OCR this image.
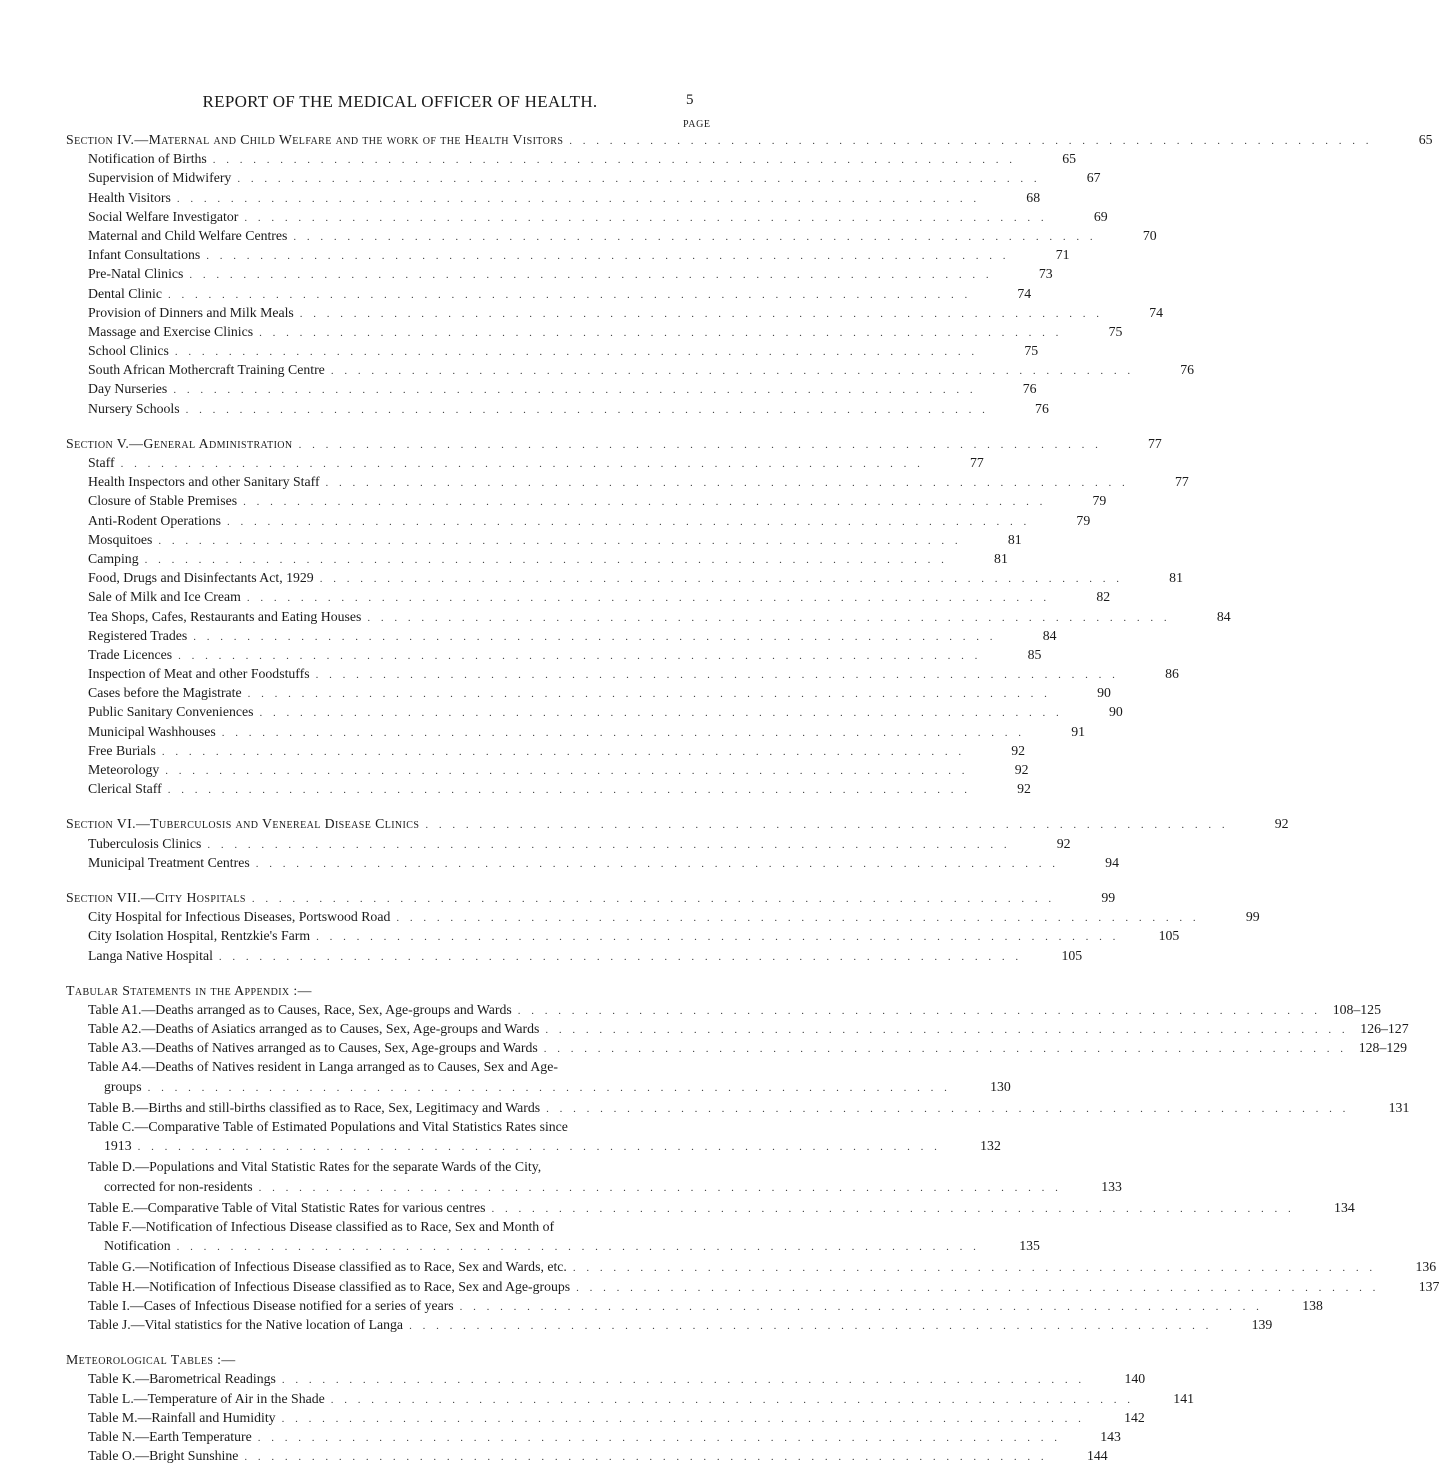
REPORT OF THE MEDICAL OFFICER OF HEALTH.	5
PAGE
Section IV.—Maternal and Child Welfare and the work of the Health Visitors . . . . . . . . . . . . . . . . . . . . . . . . . . . . . . . . . . . . . . . . . . . . . . . . . . . . . . . . . . . .	65
Notification of Births . . . . . . . . . . . . . . . . . . . . . . . . . . . . . . . . . . . . . . . . . . . . . . . . . . . . . . . . . . . .	65
Supervision of Midwifery . . . . . . . . . . . . . . . . . . . . . . . . . . . . . . . . . . . . . . . . . . . . . . . . . . . . . . . . . . . .	67
Health Visitors . . . . . . . . . . . . . . . . . . . . . . . . . . . . . . . . . . . . . . . . . . . . . . . . . . . . . . . . . . . .	68
Social Welfare Investigator . . . . . . . . . . . . . . . . . . . . . . . . . . . . . . . . . . . . . . . . . . . . . . . . . . . . . . . . . . . .	69
Maternal and Child Welfare Centres . . . . . . . . . . . . . . . . . . . . . . . . . . . . . . . . . . . . . . . . . . . . . . . . . . . . . . . . . . . .	70
Infant Consultations . . . . . . . . . . . . . . . . . . . . . . . . . . . . . . . . . . . . . . . . . . . . . . . . . . . . . . . . . . . .	71
Pre-Natal Clinics . . . . . . . . . . . . . . . . . . . . . . . . . . . . . . . . . . . . . . . . . . . . . . . . . . . . . . . . . . . .	73
Dental Clinic . . . . . . . . . . . . . . . . . . . . . . . . . . . . . . . . . . . . . . . . . . . . . . . . . . . . . . . . . . . .	74
Provision of Dinners and Milk Meals . . . . . . . . . . . . . . . . . . . . . . . . . . . . . . . . . . . . . . . . . . . . . . . . . . . . . . . . . . . .	74
Massage and Exercise Clinics . . . . . . . . . . . . . . . . . . . . . . . . . . . . . . . . . . . . . . . . . . . . . . . . . . . . . . . . . . . .	75
School Clinics . . . . . . . . . . . . . . . . . . . . . . . . . . . . . . . . . . . . . . . . . . . . . . . . . . . . . . . . . . . .	75
South African Mothercraft Training Centre . . . . . . . . . . . . . . . . . . . . . . . . . . . . . . . . . . . . . . . . . . . . . . . . . . . . . . . . . . . .	76
Day Nurseries . . . . . . . . . . . . . . . . . . . . . . . . . . . . . . . . . . . . . . . . . . . . . . . . . . . . . . . . . . . .	76
Nursery Schools . . . . . . . . . . . . . . . . . . . . . . . . . . . . . . . . . . . . . . . . . . . . . . . . . . . . . . . . . . . .	76
Section V.—General Administration . . . . . . . . . . . . . . . . . . . . . . . . . . . . . . . . . . . . . . . . . . . . . . . . . . . . . . . . . . . .	77
Staff . . . . . . . . . . . . . . . . . . . . . . . . . . . . . . . . . . . . . . . . . . . . . . . . . . . . . . . . . . . .	77
Health Inspectors and other Sanitary Staff . . . . . . . . . . . . . . . . . . . . . . . . . . . . . . . . . . . . . . . . . . . . . . . . . . . . . . . . . . . .	77
Closure of Stable Premises . . . . . . . . . . . . . . . . . . . . . . . . . . . . . . . . . . . . . . . . . . . . . . . . . . . . . . . . . . . .	79
Anti-Rodent Operations . . . . . . . . . . . . . . . . . . . . . . . . . . . . . . . . . . . . . . . . . . . . . . . . . . . . . . . . . . . .	79
Mosquitoes . . . . . . . . . . . . . . . . . . . . . . . . . . . . . . . . . . . . . . . . . . . . . . . . . . . . . . . . . . . .	81
Camping . . . . . . . . . . . . . . . . . . . . . . . . . . . . . . . . . . . . . . . . . . . . . . . . . . . . . . . . . . . .	81
Food, Drugs and Disinfectants Act, 1929 . . . . . . . . . . . . . . . . . . . . . . . . . . . . . . . . . . . . . . . . . . . . . . . . . . . . . . . . . . . .	81
Sale of Milk and Ice Cream . . . . . . . . . . . . . . . . . . . . . . . . . . . . . . . . . . . . . . . . . . . . . . . . . . . . . . . . . . . .	82
Tea Shops, Cafes, Restaurants and Eating Houses . . . . . . . . . . . . . . . . . . . . . . . . . . . . . . . . . . . . . . . . . . . . . . . . . . . . . . . . . . . .	84
Registered Trades . . . . . . . . . . . . . . . . . . . . . . . . . . . . . . . . . . . . . . . . . . . . . . . . . . . . . . . . . . . .	84
Trade Licences . . . . . . . . . . . . . . . . . . . . . . . . . . . . . . . . . . . . . . . . . . . . . . . . . . . . . . . . . . . .	85
Inspection of Meat and other Foodstuffs . . . . . . . . . . . . . . . . . . . . . . . . . . . . . . . . . . . . . . . . . . . . . . . . . . . . . . . . . . . .	86
Cases before the Magistrate . . . . . . . . . . . . . . . . . . . . . . . . . . . . . . . . . . . . . . . . . . . . . . . . . . . . . . . . . . . .	90
Public Sanitary Conveniences . . . . . . . . . . . . . . . . . . . . . . . . . . . . . . . . . . . . . . . . . . . . . . . . . . . . . . . . . . . .	90
Municipal Washhouses . . . . . . . . . . . . . . . . . . . . . . . . . . . . . . . . . . . . . . . . . . . . . . . . . . . . . . . . . . . .	91
Free Burials . . . . . . . . . . . . . . . . . . . . . . . . . . . . . . . . . . . . . . . . . . . . . . . . . . . . . . . . . . . .	92
Meteorology . . . . . . . . . . . . . . . . . . . . . . . . . . . . . . . . . . . . . . . . . . . . . . . . . . . . . . . . . . . .	92
Clerical Staff . . . . . . . . . . . . . . . . . . . . . . . . . . . . . . . . . . . . . . . . . . . . . . . . . . . . . . . . . . . .	92
Section VI.—Tuberculosis and Venereal Disease Clinics . . . . . . . . . . . . . . . . . . . . . . . . . . . . . . . . . . . . . . . . . . . . . . . . . . . . . . . . . . . .	92
Tuberculosis Clinics . . . . . . . . . . . . . . . . . . . . . . . . . . . . . . . . . . . . . . . . . . . . . . . . . . . . . . . . . . . .	92
Municipal Treatment Centres . . . . . . . . . . . . . . . . . . . . . . . . . . . . . . . . . . . . . . . . . . . . . . . . . . . . . . . . . . . .	94
Section VII.—City Hospitals . . . . . . . . . . . . . . . . . . . . . . . . . . . . . . . . . . . . . . . . . . . . . . . . . . . . . . . . . . . .	99
City Hospital for Infectious Diseases, Portswood Road . . . . . . . . . . . . . . . . . . . . . . . . . . . . . . . . . . . . . . . . . . . . . . . . . . . . . . . . . . . .	99
City Isolation Hospital, Rentzkie's Farm . . . . . . . . . . . . . . . . . . . . . . . . . . . . . . . . . . . . . . . . . . . . . . . . . . . . . . . . . . . .	105
Langa Native Hospital . . . . . . . . . . . . . . . . . . . . . . . . . . . . . . . . . . . . . . . . . . . . . . . . . . . . . . . . . . . .	105
Tabular Statements in the Appendix :—
Table A1.—Deaths arranged as to Causes, Race, Sex, Age-groups and Wards . . . . . . . . . . . . . . . . . . . . . . . . . . . . . . . . . . . . . . . . . . . . . . . . . . . . . . . . . . . . 108–125
Table A2.—Deaths of Asiatics arranged as to Causes, Sex, Age-groups and Wards . . . . . . . . . . . . . . . . . . . . . . . . . . . . . . . . . . . . . . . . . . . . . . . . . . . . . . . . . . . . 126–127
Table A3.—Deaths of Natives arranged as to Causes, Sex, Age-groups and Wards . . . . . . . . . . . . . . . . . . . . . . . . . . . . . . . . . . . . . . . . . . . . . . . . . . . . . . . . . . . . 128–129
Table A4.—Deaths of Natives resident in Langa arranged as to Causes, Sex and Age-
groups . . . . . . . . . . . . . . . . . . . . . . . . . . . . . . . . . . . . . . . . . . . . . . . . . . . . . . . . . . . .	130
Table B.—Births and still-births classified as to Race, Sex, Legitimacy and Wards . . . . . . . . . . . . . . . . . . . . . . . . . . . . . . . . . . . . . . . . . . . . . . . . . . . . . . . . . . . .	131
Table C.—Comparative Table of Estimated Populations and Vital Statistics Rates since
1913 . . . . . . . . . . . . . . . . . . . . . . . . . . . . . . . . . . . . . . . . . . . . . . . . . . . . . . . . . . . .	132
Table D.—Populations and Vital Statistic Rates for the separate Wards of the City,
corrected for non-residents . . . . . . . . . . . . . . . . . . . . . . . . . . . . . . . . . . . . . . . . . . . . . . . . . . . . . . . . . . . .	133
Table E.—Comparative Table of Vital Statistic Rates for various centres . . . . . . . . . . . . . . . . . . . . . . . . . . . . . . . . . . . . . . . . . . . . . . . . . . . . . . . . . . . .	134
Table F.—Notification of Infectious Disease classified as to Race, Sex and Month of
Notification . . . . . . . . . . . . . . . . . . . . . . . . . . . . . . . . . . . . . . . . . . . . . . . . . . . . . . . . . . . .	135
Table G.—Notification of Infectious Disease classified as to Race, Sex and Wards, etc. . . . . . . . . . . . . . . . . . . . . . . . . . . . . . . . . . . . . . . . . . . . . . . . . . . . . . . . . . . . .	136
Table H.—Notification of Infectious Disease classified as to Race, Sex and Age-groups . . . . . . . . . . . . . . . . . . . . . . . . . . . . . . . . . . . . . . . . . . . . . . . . . . . . . . . . . . . .	137
Table I.—Cases of Infectious Disease notified for a series of years . . . . . . . . . . . . . . . . . . . . . . . . . . . . . . . . . . . . . . . . . . . . . . . . . . . . . . . . . . . .	138
Table J.—Vital statistics for the Native location of Langa . . . . . . . . . . . . . . . . . . . . . . . . . . . . . . . . . . . . . . . . . . . . . . . . . . . . . . . . . . . .	139
Meteorological Tables :—
Table K.—Barometrical Readings . . . . . . . . . . . . . . . . . . . . . . . . . . . . . . . . . . . . . . . . . . . . . . . . . . . . . . . . . . . .	140
Table L.—Temperature of Air in the Shade . . . . . . . . . . . . . . . . . . . . . . . . . . . . . . . . . . . . . . . . . . . . . . . . . . . . . . . . . . . .	141
Table M.—Rainfall and Humidity . . . . . . . . . . . . . . . . . . . . . . . . . . . . . . . . . . . . . . . . . . . . . . . . . . . . . . . . . . . .	142
Table N.—Earth Temperature . . . . . . . . . . . . . . . . . . . . . . . . . . . . . . . . . . . . . . . . . . . . . . . . . . . . . . . . . . . .	143
Table O.—Bright Sunshine . . . . . . . . . . . . . . . . . . . . . . . . . . . . . . . . . . . . . . . . . . . . . . . . . . . . . . . . . . . .	144
